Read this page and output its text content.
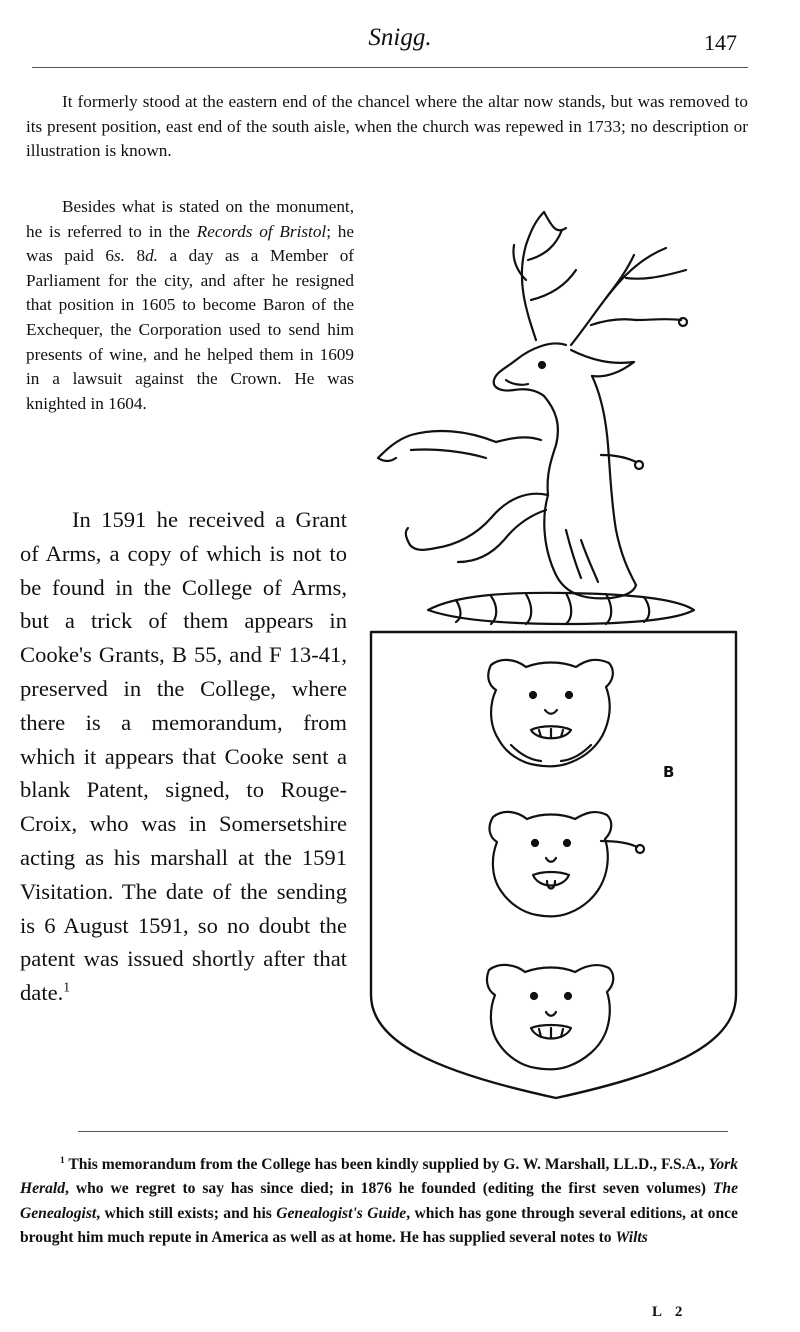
Snigg.	147

It formerly stood at the eastern end of the chancel where the altar now stands, but was removed to its present position, east end of the south aisle, when the church was repewed in 1733; no description or illustration is known.

Besides what is stated on the monument, he is referred to in the Records of Bristol; he was paid 6s. 8d. a day as a Member of Parliament for the city, and after he resigned that position in 1605 to become Baron of the Exchequer, the Corporation used to send him presents of wine, and he helped them in 1609 in a lawsuit against the Crown. He was knighted in 1604.

In 1591 he received a Grant of Arms, a copy of which is not to be found in the College of Arms, but a trick of them appears in Cooke's Grants, B 55, and F 13-41, preserved in the College, where there is a memorandum, from which it appears that Cooke sent a blank Patent, signed, to Rouge-Croix, who was in Somersetshire acting as his marshall at the 1591 Visitation. The date of the sending is 6 August 1591, so no doubt the patent was issued shortly after that date.$^1$

B

$^1$ This memorandum from the College has been kindly supplied by G. W. Marshall, LL.D., F.S.A., York Herald, who we regret to say has since died; in 1876 he founded (editing the first seven volumes) The Genealogist, which still exists; and his Genealogist's Guide, which has gone through several editions, at once brought him much repute in America as well as at home. He has supplied several notes to Wilts

L 2
